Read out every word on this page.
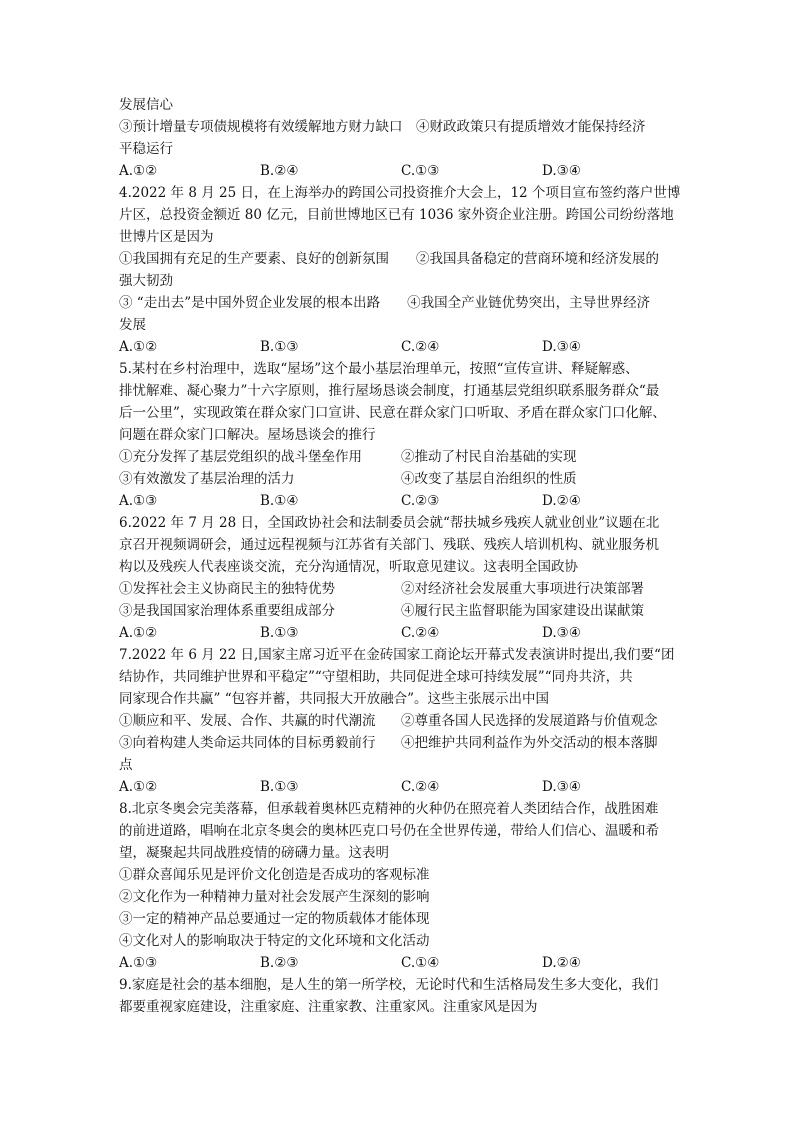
发展信心
③预计增量专项债规模将有效缓解地方财力缺口　④财政政策只有提质增效才能保持经济
平稳运行
A.①②	B.②④	C.①③	D.③④
4.2022 年 8 月 25 日，在上海举办的跨国公司投资推介大会上，12 个项目宣布签约落户世博
片区，总投资金额近 80 亿元，目前世博地区已有 1036 家外资企业注册。跨国公司纷纷落地
世博片区是因为
①我国拥有充足的生产要素、良好的创新氛围　　②我国具备稳定的营商环境和经济发展的
强大韧劲
③ “走出去”是中国外贸企业发展的根本出路　　④我国全产业链优势突出，主导世界经济
发展
A.①②	B.①③	C.②④	D.③④
5.某村在乡村治理中，选取“屋场”这个最小基层治理单元，按照“宣传宣讲、释疑解惑、
排忧解难、凝心聚力”十六字原则，推行屋场恳谈会制度，打通基层党组织联系服务群众“最
后一公里”，实现政策在群众家门口宣讲、民意在群众家门口听取、矛盾在群众家门口化解、
问题在群众家门口解决。屋场恳谈会的推行
①充分发挥了基层党组织的战斗堡垒作用	②推动了村民自治基础的实现
③有效激发了基层治理的活力	④改变了基层自治组织的性质
A.①③	B.①④	C.②③	D.②④
6.2022 年 7 月 28 日，全国政协社会和法制委员会就“帮扶城乡残疾人就业创业”议题在北
京召开视频调研会，通过远程视频与江苏省有关部门、残联、残疾人培训机构、就业服务机
构以及残疾人代表座谈交流，充分沟通情况，听取意见建议。这表明全国政协
①发挥社会主义协商民主的独特优势	②对经济社会发展重大事项进行决策部署
③是我国国家治理体系重要组成部分	④履行民主监督职能为国家建设出谋献策
A.①②	B.①③	C.②④	D.③④
7.2022 年 6 月 22 日,国家主席习近平在金砖国家工商论坛开幕式发表演讲时提出,我们要“团
结协作，共同维护世界和平稳定”“守望相助，共同促进全球可持续发展”“同舟共济，共
同家现合作共赢” “包容并蓄，共同报大开放融合”。这些主张展示出中国
①顺应和平、发展、合作、共赢的时代潮流	②尊重各国人民选择的发展道路与价值观念
③向着构建人类命运共同体的目标勇毅前行	④把维护共同利益作为外交活动的根本落脚
点
A.①②	B.①③	C.②④	D.③④
8.北京冬奥会完美落幕，但承载着奥林匹克精神的火种仍在照亮着人类团结合作，战胜困难
的前进道路，唱响在北京冬奥会的奥林匹克口号仍在全世界传递，带给人们信心、温暖和希
望，凝聚起共同战胜疫情的磅礴力量。这表明
①群众喜闻乐见是评价文化创造是否成功的客观标准
②文化作为一种精神力量对社会发展产生深刻的影响
③一定的精神产品总要通过一定的物质载体才能体现
④文化对人的影响取决于特定的文化环境和文化活动
A.①③	B.②③	C.①④	D.②④
9.家庭是社会的基本细胞，是人生的第一所学校，无论时代和生活格局发生多大变化，我们
都要重视家庭建设，注重家庭、注重家教、注重家风。注重家风是因为
